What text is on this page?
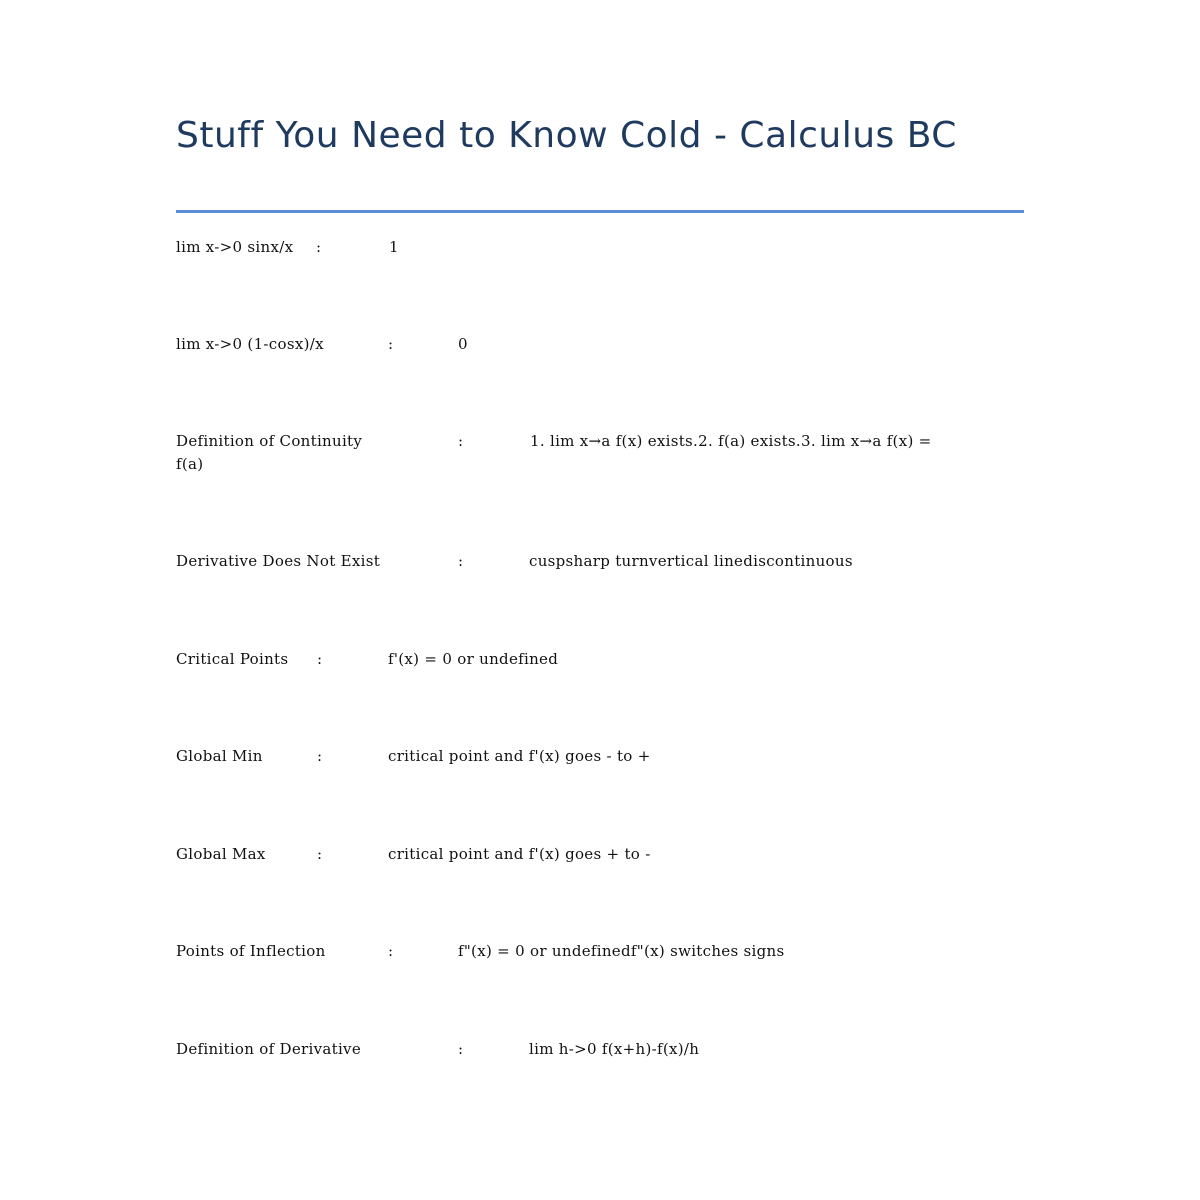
Stuff You Need to Know Cold - Calculus BC
lim x->0 sinx/x :	1
lim x->0 (1-cosx)/x	:	0
Definition of Continuity	:	1. lim x→a f(x) exists.2. f(a) exists.3. lim x→a f(x) =
f(a)
Derivative Does Not Exist	:	cuspsharp turnvertical linediscontinuous
Critical Points :	f'(x) = 0 or undefined
Global Min	:	critical point and f'(x) goes - to +
Global Max	:	critical point and f'(x) goes + to -
Points of Inflection	:	f"(x) = 0 or undefinedf"(x) switches signs
Definition of Derivative	:	lim h->0 f(x+h)-f(x)/h
